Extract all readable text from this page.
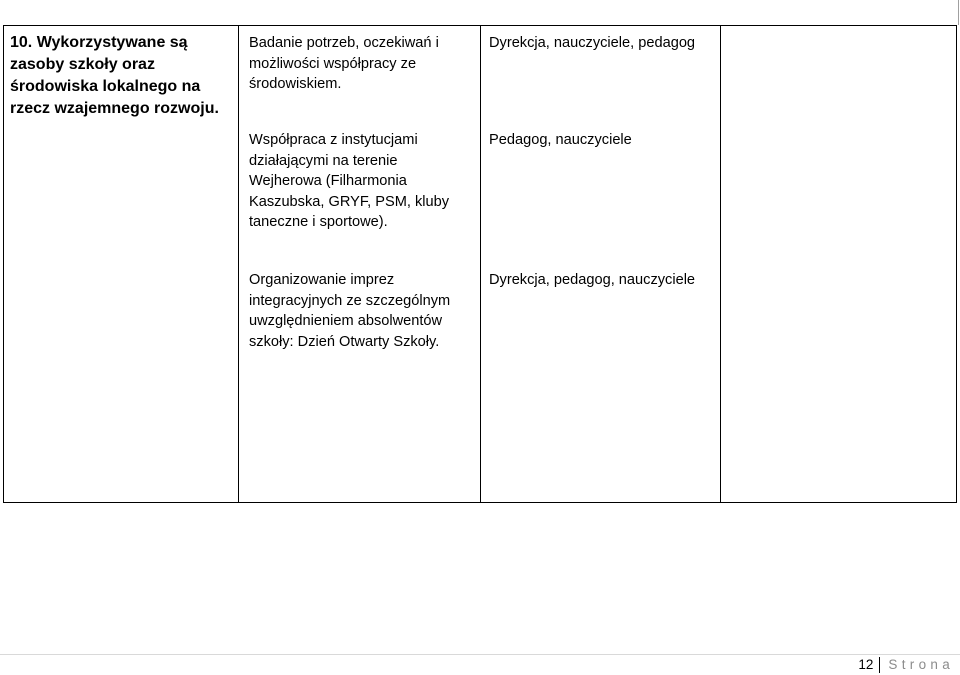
10. Wykorzystywane są zasoby szkoły oraz środowiska lokalnego na rzecz wzajemnego rozwoju.
Badanie potrzeb, oczekiwań i możliwości współpracy ze środowiskiem.
Dyrekcja, nauczyciele, pedagog
Współpraca z instytucjami działającymi na terenie Wejherowa (Filharmonia Kaszubska, GRYF, PSM, kluby taneczne i sportowe).
Pedagog, nauczyciele
Organizowanie imprez integracyjnych ze szczególnym uwzględnieniem absolwentów szkoły: Dzień Otwarty Szkoły.
Dyrekcja, pedagog, nauczyciele
12 Strona
